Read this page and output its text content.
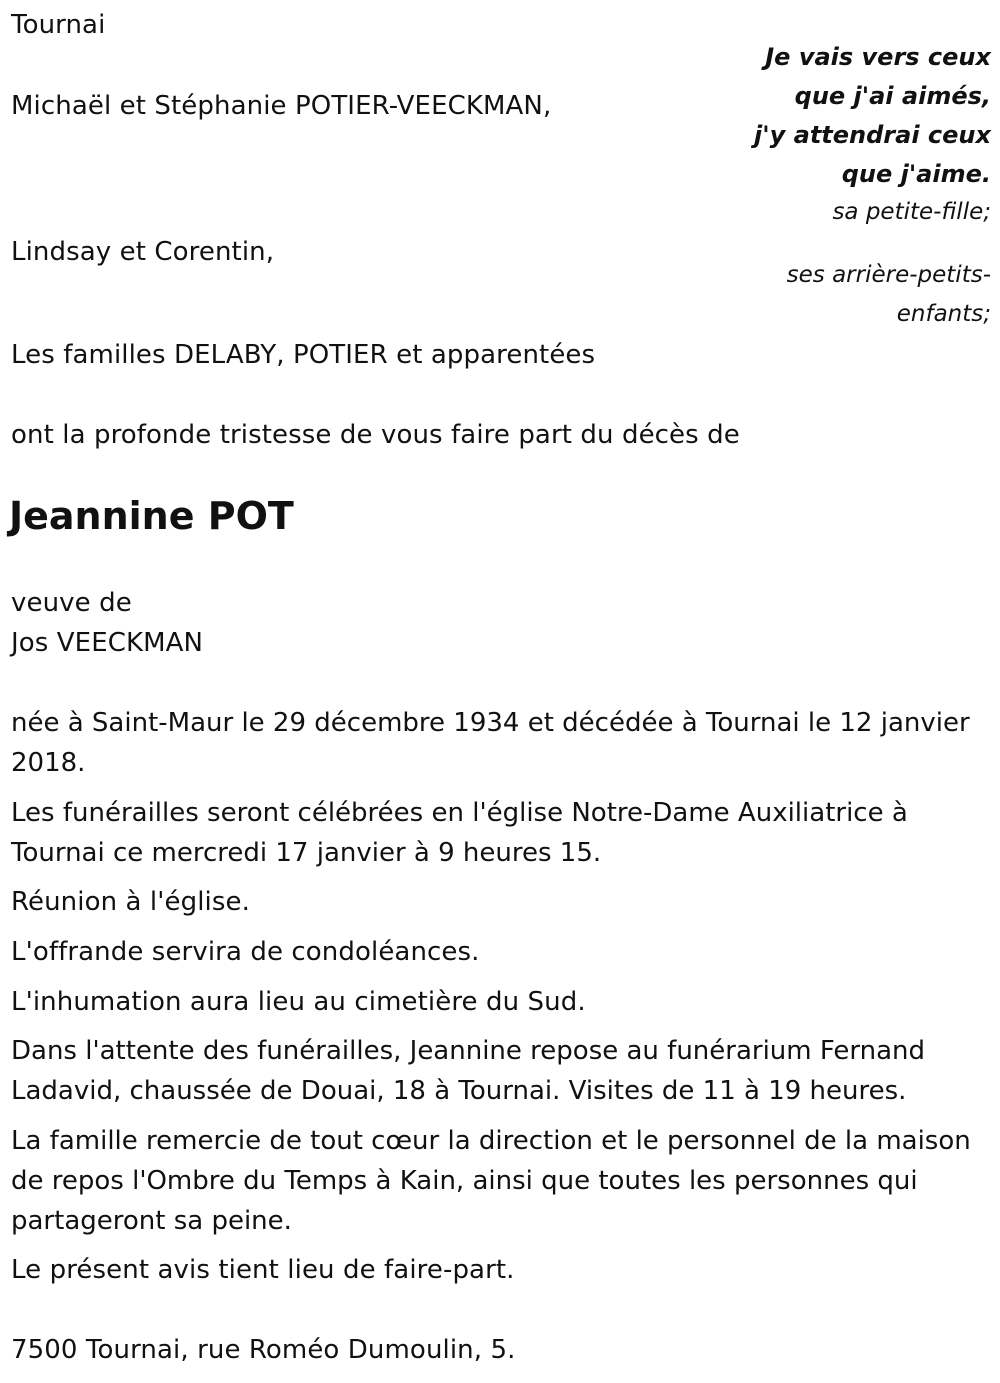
Tournai
Je vais vers ceux
que j'ai aimés,
j'y attendrai ceux
que j'aime.
Michaël et Stéphanie POTIER-VEECKMAN,
sa petite-fille;
Lindsay et Corentin,
ses arrière-petits-
enfants;
Les familles DELABY, POTIER et apparentées
ont la profonde tristesse de vous faire part du décès de
Jeannine POT
veuve de
Jos VEECKMAN
née à Saint-Maur le 29 décembre 1934 et décédée à Tournai le 12 janvier 2018.
Les funérailles seront célébrées en l'église Notre-Dame Auxiliatrice à Tournai ce mercredi 17 janvier à 9 heures 15.
Réunion à l'église.
L'offrande servira de condoléances.
L'inhumation aura lieu au cimetière du Sud.
Dans l'attente des funérailles, Jeannine repose au funérarium Fernand Ladavid, chaussée de Douai, 18 à Tournai. Visites de 11 à 19 heures.
La famille remercie de tout cœur la direction et le personnel de la maison de repos l'Ombre du Temps à Kain, ainsi que toutes les personnes qui partageront sa peine.
Le présent avis tient lieu de faire-part.
7500 Tournai, rue Roméo Dumoulin, 5.
